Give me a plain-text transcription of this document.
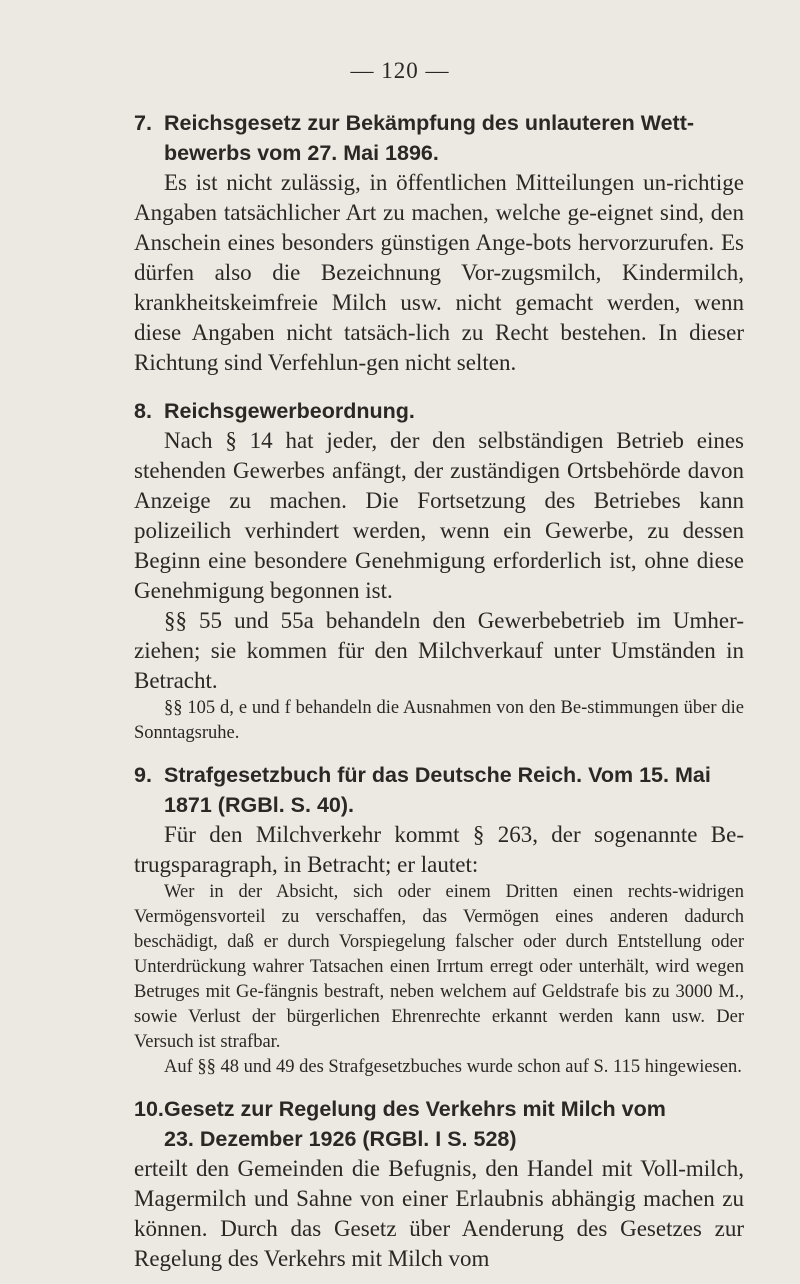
— 120 —

7. Reichsgesetz zur Bekämpfung des unlauteren Wett-
bewerbs vom 27. Mai 1896.

Es ist nicht zulässig, in öffentlichen Mitteilungen un-richtige Angaben tatsächlicher Art zu machen, welche ge-eignet sind, den Anschein eines besonders günstigen Ange-bots hervorzurufen. Es dürfen also die Bezeichnung Vor-zugsmilch, Kindermilch, krankheitskeimfreie Milch usw. nicht gemacht werden, wenn diese Angaben nicht tatsäch-lich zu Recht bestehen. In dieser Richtung sind Verfehlun-gen nicht selten.

8. Reichsgewerbeordnung.

Nach § 14 hat jeder, der den selbständigen Betrieb eines stehenden Gewerbes anfängt, der zuständigen Ortsbehörde davon Anzeige zu machen. Die Fortsetzung des Betriebes kann polizeilich verhindert werden, wenn ein Gewerbe, zu dessen Beginn eine besondere Genehmigung erforderlich ist, ohne diese Genehmigung begonnen ist.

§§ 55 und 55a behandeln den Gewerbebetrieb im Umher-ziehen; sie kommen für den Milchverkauf unter Umständen in Betracht.

§§ 105 d, e und f behandeln die Ausnahmen von den Be-stimmungen über die Sonntagsruhe.

9. Strafgesetzbuch für das Deutsche Reich. Vom 15. Mai
1871 (RGBl. S. 40).

Für den Milchverkehr kommt § 263, der sogenannte Be-trugsparagraph, in Betracht; er lautet:

Wer in der Absicht, sich oder einem Dritten einen rechts-widrigen Vermögensvorteil zu verschaffen, das Vermögen eines anderen dadurch beschädigt, daß er durch Vorspiegelung falscher oder durch Entstellung oder Unterdrückung wahrer Tatsachen einen Irrtum erregt oder unterhält, wird wegen Betruges mit Ge-fängnis bestraft, neben welchem auf Geldstrafe bis zu 3000 M., sowie Verlust der bürgerlichen Ehrenrechte erkannt werden kann usw. Der Versuch ist strafbar.

Auf §§ 48 und 49 des Strafgesetzbuches wurde schon auf S. 115 hingewiesen.

10.Gesetz zur Regelung des Verkehrs mit Milch vom
23. Dezember 1926 (RGBl. I S. 528)

erteilt den Gemeinden die Befugnis, den Handel mit Voll-milch, Magermilch und Sahne von einer Erlaubnis abhängig machen zu können. Durch das Gesetz über Aenderung des Gesetzes zur Regelung des Verkehrs mit Milch vom
